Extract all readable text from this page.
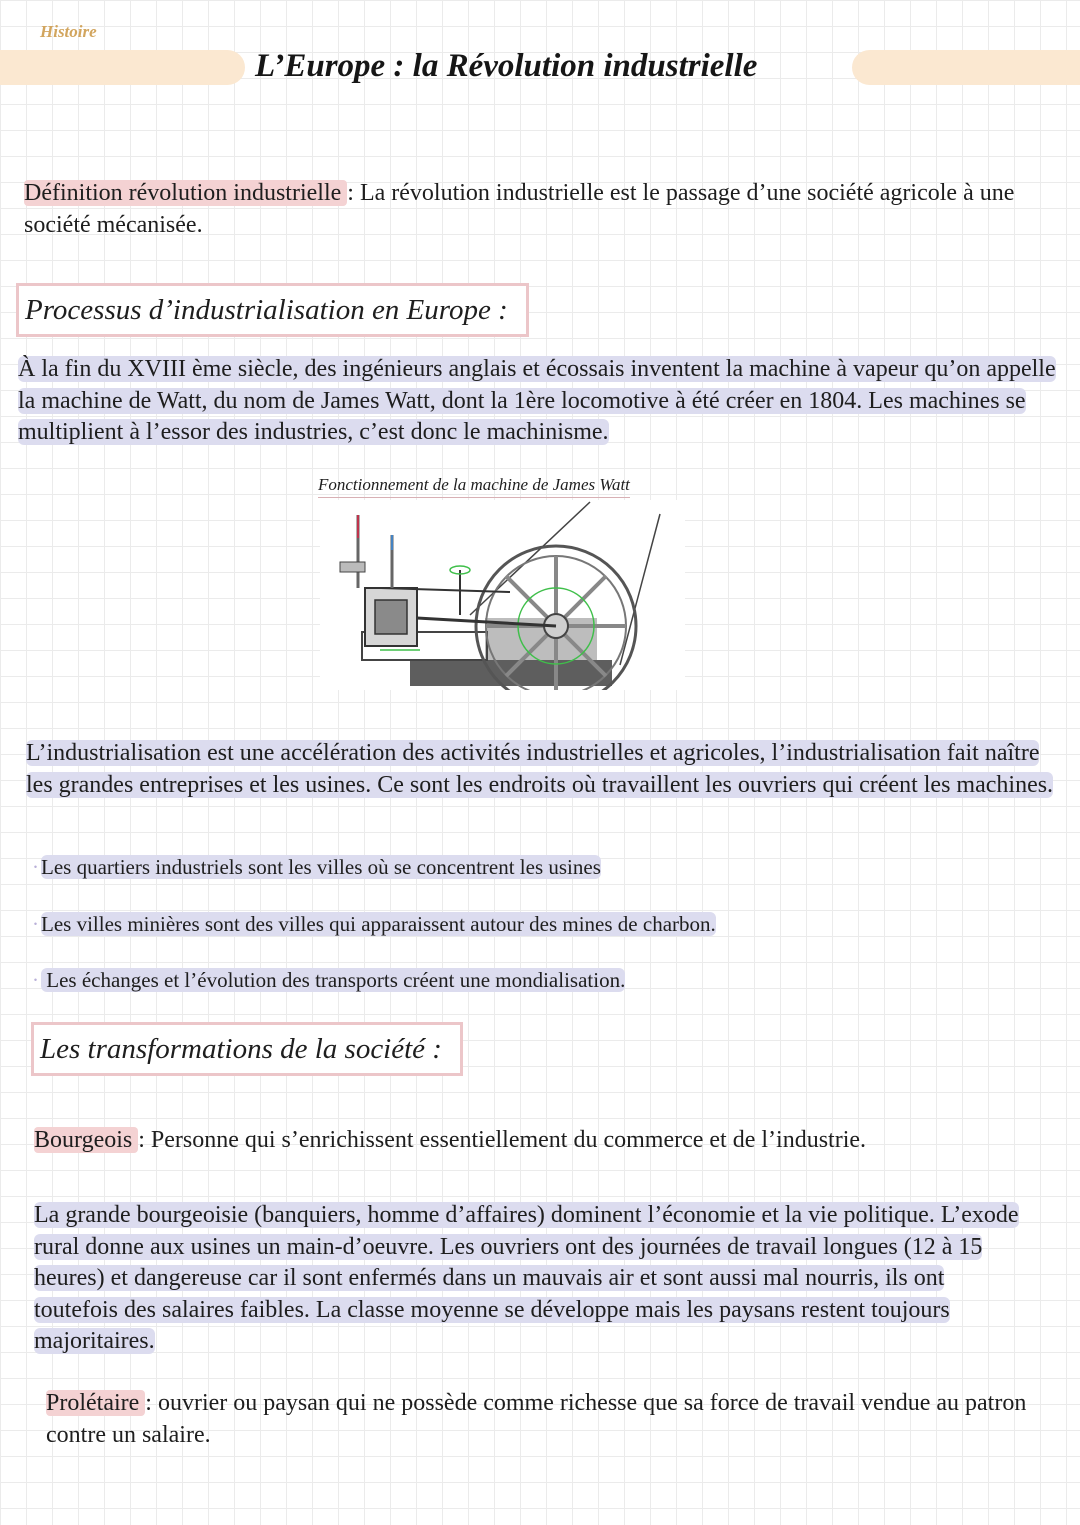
Histoire
L’Europe : la Révolution industrielle
Définition révolution industrielle : La révolution industrielle est le passage d’une société agricole à une société mécanisée.
Processus d’industrialisation en Europe :
À la fin du XVIII ème siècle, des ingénieurs anglais et écossais inventent la machine à vapeur qu’on appelle la machine de Watt, du nom de James Watt, dont la 1ère locomotive à été créer en 1804. Les machines se multiplient à l’essor des industries, c’est donc le machinisme.
Fonctionnement de la machine de James Watt
L’industrialisation est une accélération des activités industrielles et agricoles, l’industrialisation fait naître les grandes entreprises et les usines. Ce sont les endroits où travaillent les ouvriers qui créent les machines.
·Les quartiers industriels sont les villes où se concentrent les usines
·Les villes minières sont des villes qui apparaissent autour des mines de charbon.
· Les échanges et l’évolution des transports créent une mondialisation.
Les transformations de la société :
Bourgeois : Personne qui s’enrichissent essentiellement du commerce et de l’industrie.
La grande bourgeoisie (banquiers, homme d’affaires) dominent l’économie et la vie politique. L’exode rural donne aux usines un main-d’oeuvre. Les ouvriers ont des journées de travail longues (12 à 15 heures) et dangereuse car il sont enfermés dans un mauvais air et sont aussi mal nourris, ils ont toutefois des salaires faibles. La classe moyenne se développe mais les paysans restent toujours majoritaires.
Prolétaire : ouvrier ou paysan qui ne possède comme richesse que sa force de travail vendue au patron contre un salaire.
